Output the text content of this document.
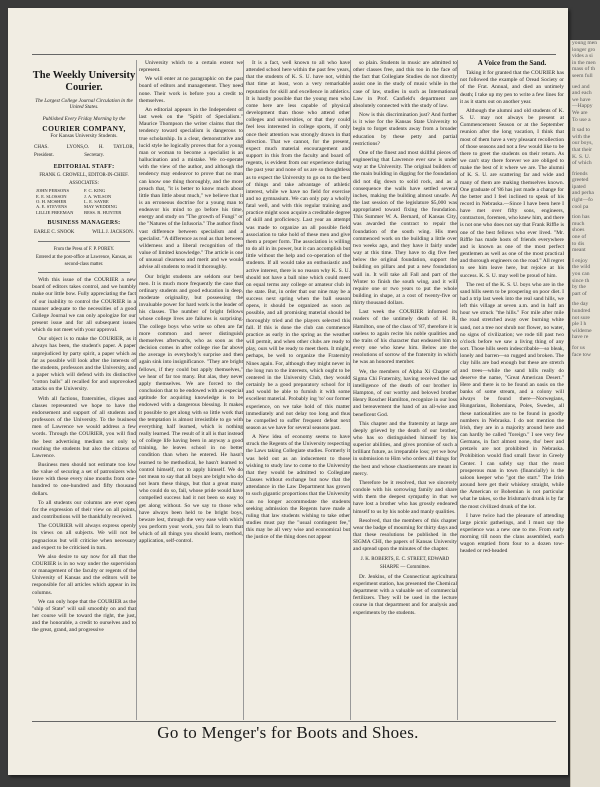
The Weekly University Courier.
The Largest College Journal Circulation in the United States.
Published Every Friday Morning by the
COURIER COMPANY,
For Kansas University Students.
CHAS. LYONS, President.
O. H. TAYLOR, Secretary.
EDITORIAL STAFF:
FRANK G. CROWELL, EDITOR-IN-CHIEF.
ASSOCIATES:
JOHN PERSONS	F. C. KING
E. E. SLOSSON	J. A. WILSON
O. H. MOSHER	L. E. SAYRE
A. E. STEVENS	MAY WEDDING
LILLIE FREEMAN	BESS. B. HUNTER
BUSINESS MANAGERS:
EARLE C. SNOOK	WILL J. JACKSON.
From the Press of F. P. POREY.
Entered at the post-office at Lawrence, Kansas, as second-class matter.

With this issue of the COURIER a new board of editors takes control, and we humbly make our little bow. Fully appreciating the fact of our inability to control the COURIER in a manner adequate to the necessities of a good College Journal we can only apologize for our present issue and for all subsequent issues which do not meet with your approval.

Our object is to make the COURIER, as it always has been, the student's paper. A paper unprejudiced by party spirit, a paper which as far as possible will look after the interests of the students, professors and the University, and a paper which will defend with its distinctive "cotton balls" all recalled for and unprovoked attacks on the University.

With all factions, fraternities, cliques and classes represented we hope to have the endorsement and support of all students and professors of the University. To the business men of Lawrence we would address a few words. Through the COURIER, you will find the best advertising medium not only to reaching the students but also the citizens of Lawrence.

Business men should not estimate too low the value of securing a set of patronizers who leave with these every nine months from one-hundred to one-hundred and fifty thousand dollars.

To all students our columns are ever open for the expression of their view on all points, and contributions will be thankfully received.

The COURIER will always express openly its views on all subjects. We will not be pugnacious but will criticise when necessary and expect to be criticised in turn.

We also desire to say now for all that the COURIER is in no way under the supervision or management of the faculty or regents of the University of Kansas and the editors will be responsible for all articles which appear in its columns.

We can only hope that the COURIER as the "ship of State" will sail smoothly on and that her course will be toward the right, the just, and the honorable, a credit to ourselves and to the great, grand, and progressive

University which to a certain extent we represent.

We will enter at no paragraphic on the past board of editors and management. They need none. Their work is before you a credit to themselves.

An editorial appears in the Independent of last week on the "Spirit of Specialism." Maurice Thompson the writer claims that the tendency toward specialism is dangerous to true scholarship. In a clear, demonstrative and lucid style he logically proves that for a young man or woman to become a specialist is an hallucination and a mistake. We co-operate with the view of the author, and although the tendency may endeavor to prove that no man can know one thing thoroughly, and the more preach that, "it is better to know much about little than little about much," we believe that it is an erroneous doctrine for a young man to endeavor his mind to go before his time, energy and study on "The growth of Fungi" or the "Natures of the Infusoria." The author finds vast difference between specialism and a specialist. "A difference as real as that between wilderness and a liberal recognition of the value of limited knowledge." The article is one of unusual clearness and merit and we would advise all students to read it thoroughly.

Our bright students are seldom our best men. It is much more frequently the case that ordinary students and good education in deep, moderate originality, but possessing the invaluable power for hard work is the leader of his classes. The number of bright fellows whose college lives are failures is surprising. The college boys who write so often are far more common and never distinguish themselves afterwards, who as soon as the decision comes in after college rise far above the average in everybody's surprise and then again sink into insignificance. "They are bright fellows, if they could but apply themselves," we hear of far too many. But alas, they never apply themselves. We are forced to the conclusion that to be endowed with an especial aptitude for acquiring knowledge is to be endowed with a dangerous blessing. It makes it possible to get along with so little work that the temptation is almost irresistible to go with everything half learned, which is nothing really learned. The result of it all is that instead of college life having been in anyway a good training, he leaves school in no better condition than when he entered. He hasn't learned to be methodical, he hasn't learned to control himself, not to apply himself. We do not mean to say that all boys are bright who do not learn these things, but that a great many who could do so, fail, whose pride would have compelled success had it not been so easy to get along without. So we say to those who have always been held to be bright boys, beware lest, through the very ease with which you perform your work, you fail to learn that which of all things you should learn, method, application, self-control.

It is a fact, well known to all who have attended school here within the past few years, that the students of K. S. U. have not, within that time at least, won a very remarkable reputation for skill and excellence in athletics. It is hardly possible that the young men who come here are less capable of physical development than those who attend other colleges and universities, or that they could feel less interested in college sports, if only once their attention was strongly drawn in that direction. That we cannot, for the present, expect much material encouragement and support in this from the faculty and board of regents, is evident from our experience during the past year and none of us are so thoughtless as to expect the University to go on to the best of things and take advantage of athletic interest, while we have no field for exercise and no gymnasium. We can only pay a wholly fatal well, and with this regular training and practice might soon acquire a creditable degree of skill and proficiency. Last year an attempt was made to organize an all possible field association to take hold of these men and give them a proper form. The association is willing to do all in its power, but it can accomplish but little without the help and co-operation of the students. If all would take an enthusiastic and active interest, there is no reason why K. S. U. should not have a ball nine which could meet on equal terms any college or amateur club in the state. But, in order that our nine may be a success next spring when the ball season opens, it should be organized as soon as possible, and all promising material should be thoroughly tried and the players selected this fall. If this is done the club can commence practice as early in the spring as the weather will permit, and when other clubs are ready to play, ours will be ready to meet them. It might, perhaps, be well to organize the Fraternity Nines again. For, although they might never in the long run to the interests, which ought to be centered in the University Club, they would certainly be a good preparatory school for it and would be able to furnish it with some excellent material. Probably ing 'to' our former experience, on we take hold of this matter immediately and not delay too long and thus be compelled to suffer frequent defeat next season as we have for several seasons past.

A New idea of economy seems to have struck the Regents of the University respecting the Laws taking Collegiate studies. Formerly it was held out as an inducement to those wishing to study law to come to the University that they would be admitted to Collegiate Classes without exchange but now that the attendance in the Law Department has grown to such gigantic proportions that the University can no longer accommodate the students seeking admission the Regents have made a ruling that law students wishing to take other studies must pay the "usual contingent fee," this may be all very wise and economical but the justice of the thing does not appear

so plain. Students in music are admitted to other classes free, and this too in the face of the fact that Collegiate Studies do not directly assist one in the study of music while in the case of law, studies in such as International Law in Prof. Canfield's department are absolutely connected with the study of law.

Now is this discrimination just? And further is it wise for the Kansas State University to begin to forget students away from a broader education by these petty and partial restrictions?

One of the finest and most skillful pieces of engineering that Lawrence ever saw is under way at the University. The original builders of the main building in digging for the foundation did not dig down to solid rock, and as a consequence the walls have settled several inches, making the building almost unsafe. At the last session of the legislature $5,000 was appropriated toward fixing the foundation. This Summer W. A. Bernard, of Kansas City, was awarded the contract to repair the foundation of the south wing. His men commenced work on the building a little over two weeks ago, and they have it fairly under way at this time. They have to dig five feet below the original foundation, support the building on pillars and put a new foundation wall in. It will take all Fall and part of the Winter to finish the south wing, and it will require one or two years to put the whole building in shape, at a cost of twenty-five or thirty thousand dollars.

Last week the COURIER informed its readers of the untimely death of H. R. Hamilton, one of the class of '87, therefore it is useless to again recite his noble qualities and the traits of his character that endeared him to every one who knew him. Below are the resolutions of sorrow of the fraternity in which he was an honored member.

We, the members of Alpha Xi Chapter of Sigma Chi Fraternity, having received the sad intelligence of the death of our brother in Hampton, of our worthy and beloved brother Henry Roscher Hamilton, recognize in our loss and bereavement the hand of an all-wise and beneficent God.

This chapter and the fraternity at large are deeply grieved by the death of our brother, who has so distinguished himself by his superior abilities, and gives promise of such a brilliant future, as irreparable loss; yet we bow in submission to Him who orders all things for the best and whose chastisements are meant in mercy.

Therefore be it resolved, that we sincerely condole with his sorrowing family and share with them the deepest sympathy in that we have lost a brother who has grossly endeared himself to us by his noble and manly qualities.

Resolved, that the members of this chapter wear the badge of mourning for thirty days and that these resolutions be published in the SIGMA CHI, the papers of Kansas University and spread upon the minutes of the chapter.

J. K. ROBERTS, E. C. STREET, EDWARD SHARPE — Committee.

Dr. Jenkins, of the Connecticut agricultural experiment station, has presented the Chemical department with a valuable set of commercial fertilizers. They will be used in the lecture course in that department and for analysis and experiments by the students.

A Voice from the Sand.

Taking it for granted that the COURIER has not followed the example of Oread Society or of the Frat. Annual, and died an untimely death; I take up my pen to write a few lines for it as it starts out on another year.

Although the alumni and old students of K. S. U. may not always be present at Commencement Season or at the September reunion after the long vacation, I think that most of them have a very pleasant recollection of those seasons and not a few would like to be there to greet the students on their return. As we can't stay there forever we are obliged to make the best of it where we are. The alumni of K. S. U. are scattering far and wide and many of them are making themselves known. One graduate of '86 has just made a change for the better and I feel inclined to speak of his record in Nebraska.—Since I have been here I have met over fifty sons, engineers, contractors, foremen, who knew him, and there is not one who does not say that Frank Riffle is one of the best fellows who ever lived. "Mr. Riffle has made hosts of friends everywhere and is known as one of the most perfect gentlemen as well as one of the most practical and thorough engineers on the road." All regret to see him leave here, but rejoice at his success. K. S. U. may well be proud of him.

The rest of the K. S. U. boys who are in the sand hills seem to be prospering on poor diet. I had a trip last week into the real sand hills, we left this village at seven a.m. and in half an hour we struck "the hills." For mile after mile the road stretched away over burning white sand, not a tree nor shrub nor flower, no water, no signs of civilization; we rode till past two o'clock before we saw a living thing of any sort. Those hills seem indescribable—so bleak, lonely and barren—so rugged and broken. The clay hills are bad enough but these are stretch and trees—while the sand hills really do deserve the name, "Great American Desert." Here and there is to be found an oasis on the banks of some stream, and a colony will always be found there—Norwegians, Hungarians, Bohemians, Poles, Swedes, all these nationalities are to be found in goodly numbers in Nebraska. I do not mention the Irish, they are in a majority around here and can hardly be called "foreign." I see very few Germans, in fact almost none, tho' beer and pretzels are not prohibited in Nebraska. Prohibition would find small favor in Greely Center. I can safely say that the most prosperous man in town (financially) is the saloon keeper who "got the start." The Irish around here get their whiskey straight, while the American or Bohemian is not particular what he takes, so the Irishman's drunk is by far the most civilized drunk of the lot.

I have twice had the pleasure of attending large picnic gatherings, and I must say the experience was a new one to me. From early morning till noon the clans assembled, each wagon emptied from four to a dozen tow-headed or red-headed

Go to Menger's for Boots and Shoes.
young men
longer gro
vides a si
in the men
mass of th
seem full
ued and
and each
we have
—Happy
We are
To use a
It sad to
with the
our boys,
that their
K. S. U.
of which
friends
greeted
ipated
and perha
right—fo
cool pa
tion has
much
shoes
one of
to dis
meant
I enjoy
the wild
you can
since th
by the
part of
the day
hundred
not sure
ple I h
wilderne
have re
for us
face tow
